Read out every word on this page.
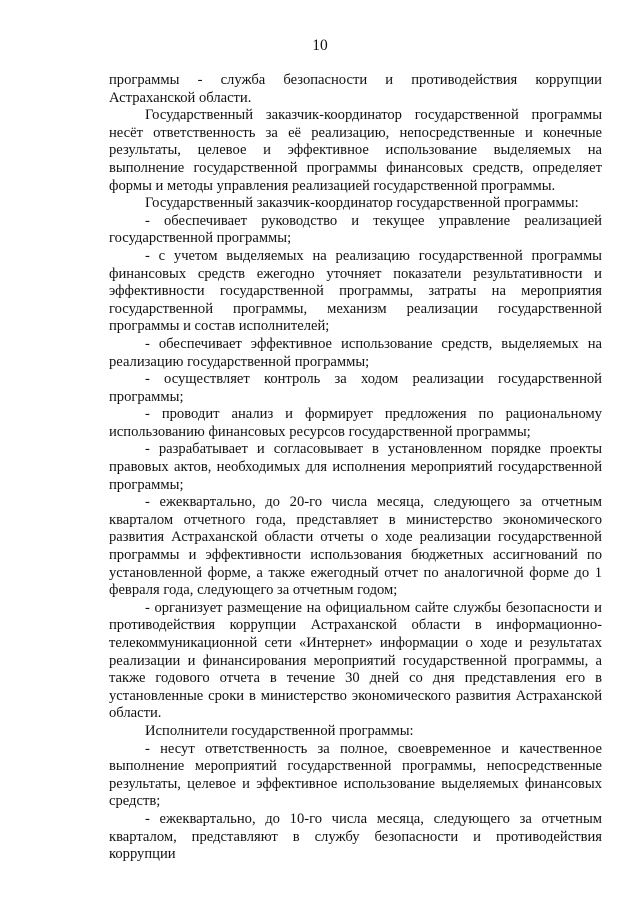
10

программы - служба безопасности и противодействия коррупции Астраханской области.

Государственный заказчик-координатор государственной программы несёт ответственность за её реализацию, непосредственные и конечные результаты, целевое и эффективное использование выделяемых на выполнение государственной программы финансовых средств, определяет формы и методы управления реализацией государственной программы.

Государственный заказчик-координатор государственной программы:

- обеспечивает руководство и текущее управление реализацией государственной программы;

- с учетом выделяемых на реализацию государственной программы финансовых средств ежегодно уточняет показатели результативности и эффективности государственной программы, затраты на мероприятия государственной программы, механизм реализации государственной программы и состав исполнителей;

- обеспечивает эффективное использование средств, выделяемых на реализацию государственной программы;

- осуществляет контроль за ходом реализации государственной программы;

- проводит анализ и формирует предложения по рациональному использованию финансовых ресурсов государственной программы;

- разрабатывает и согласовывает в установленном порядке проекты правовых актов, необходимых для исполнения мероприятий государственной программы;

- ежеквартально, до 20-го числа месяца, следующего за отчетным кварталом отчетного года, представляет в министерство экономического развития Астраханской области отчеты о ходе реализации государственной программы и эффективности использования бюджетных ассигнований по установленной форме, а также ежегодный отчет по аналогичной форме до 1 февраля года, следующего за отчетным годом;

- организует размещение на официальном сайте службы безопасности и противодействия коррупции Астраханской области в информационно-телекоммуникационной сети «Интернет» информации о ходе и результатах реализации и финансирования мероприятий государственной программы, а также годового отчета в течение 30 дней со дня представления его в установленные сроки в министерство экономического развития Астраханской области.

Исполнители государственной программы:

- несут ответственность за полное, своевременное и качественное выполнение мероприятий государственной программы, непосредственные результаты, целевое и эффективное использование выделяемых финансовых средств;

- ежеквартально, до 10-го числа месяца, следующего за отчетным кварталом, представляют в службу безопасности и противодействия коррупции
